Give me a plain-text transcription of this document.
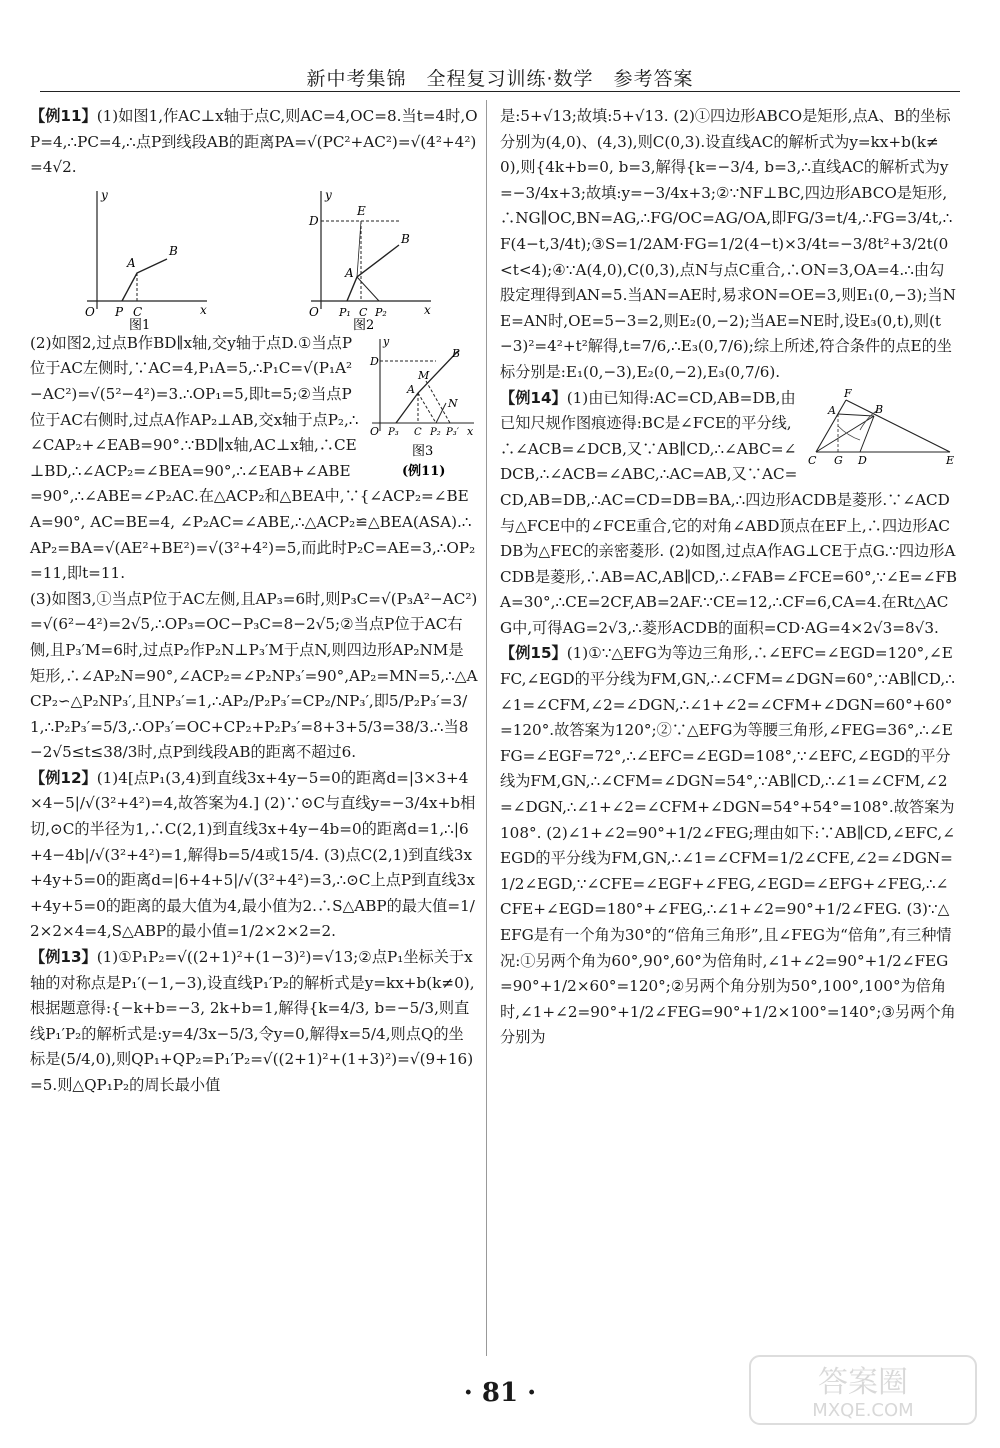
新中考集锦　全程复习训练·数学　参考答案

【例11】(1)如图1,作AC⊥x轴于点C,则AC=4,OC=8.当t=4时,OP=4,∴PC=4,∴点P到线段AB的距离PA=√(PC²+AC²)=√(4²+4²)=4√2.

y
x
O P C
A
B
图1
y
x
O
D
E
A
B
P₁ C P₂
图2
y
x
O
D
M
A
B
N
P₃ C P₂ P₃′
图3
(例11)

(2)如图2,过点B作BD∥x轴,交y轴于点D.①当点P位于AC左侧时,∵AC=4,P₁A=5,∴P₁C=√(P₁A²−AC²)=√(5²−4²)=3.∴OP₁=5,即t=5;②当点P位于AC右侧时,过点A作AP₂⊥AB,交x轴于点P₂,∴∠CAP₂+∠EAB=90°.∵BD∥x轴,AC⊥x轴,∴CE⊥BD,∴∠ACP₂=∠BEA=90°,∴∠EAB+∠ABE=90°,∴∠ABE=∠P₂AC.在△ACP₂和△BEA中,∵{∠ACP₂=∠BEA=90°, AC=BE=4, ∠P₂AC=∠ABE,∴△ACP₂≌△BEA(ASA).∴AP₂=BA=√(AE²+BE²)=√(3²+4²)=5,而此时P₂C=AE=3,∴OP₂=11,即t=11.

(3)如图3,①当点P位于AC左侧,且AP₃=6时,则P₃C=√(P₃A²−AC²)=√(6²−4²)=2√5,∴OP₃=OC−P₃C=8−2√5;②当点P位于AC右侧,且P₃′M=6时,过点P₂作P₂N⊥P₃′M于点N,则四边形AP₂NM是矩形,∴∠AP₂N=90°,∠ACP₂=∠P₂NP₃′=90°,AP₂=MN=5,∴△ACP₂∽△P₂NP₃′,且NP₃′=1,∴AP₂/P₂P₃′=CP₂/NP₃′,即5/P₂P₃′=3/1,∴P₂P₃′=5/3,∴OP₃′=OC+CP₂+P₂P₃′=8+3+5/3=38/3.∴当8−2√5≤t≤38/3时,点P到线段AB的距离不超过6.

【例12】(1)4[点P₁(3,4)到直线3x+4y−5=0的距离d=|3×3+4×4−5|/√(3²+4²)=4,故答案为4.] (2)∵⊙C与直线y=−3/4x+b相切,⊙C的半径为1,∴C(2,1)到直线3x+4y−4b=0的距离d=1,∴|6+4−4b|/√(3²+4²)=1,解得b=5/4或15/4. (3)点C(2,1)到直线3x+4y+5=0的距离d=|6+4+5|/√(3²+4²)=3,∴⊙C上点P到直线3x+4y+5=0的距离的最大值为4,最小值为2.∴S△ABP的最大值=1/2×2×4=4,S△ABP的最小值=1/2×2×2=2.

【例13】(1)①P₁P₂=√((2+1)²+(1−3)²)=√13;②点P₁坐标关于x轴的对称点是P₁′(−1,−3),设直线P₁′P₂的解析式是y=kx+b(k≠0),根据题意得:{−k+b=−3, 2k+b=1,解得{k=4/3, b=−5/3,则直线P₁′P₂的解析式是:y=4/3x−5/3,令y=0,解得x=5/4,则点Q的坐标是(5/4,0),则QP₁+QP₂=P₁′P₂=√((2+1)²+(1+3)²)=√(9+16)=5.则△QP₁P₂的周长最小值

是:5+√13;故填:5+√13. (2)①四边形ABCO是矩形,点A、B的坐标分别为(4,0)、(4,3),则C(0,3).设直线AC的解析式为y=kx+b(k≠0),则{4k+b=0, b=3,解得{k=−3/4, b=3,∴直线AC的解析式为y=−3/4x+3;故填:y=−3/4x+3;②∵NF⊥BC,四边形ABCO是矩形,∴NG∥OC,BN=AG,∴FG/OC=AG/OA,即FG/3=t/4,∴FG=3/4t,∴F(4−t,3/4t);③S=1/2AM·FG=1/2(4−t)×3/4t=−3/8t²+3/2t(0<t<4);④∵A(4,0),C(0,3),点N与点C重合,∴ON=3,OA=4.∴由勾股定理得到AN=5.当AN=AE时,易求ON=OE=3,则E₁(0,−3);当NE=AN时,OE=5−3=2,则E₂(0,−2);当AE=NE时,设E₃(0,t),则(t−3)²=4²+t²解得,t=7/6,∴E₃(0,7/6);综上所述,符合条件的点E的坐标分别是:E₁(0,−3),E₂(0,−2),E₃(0,7/6).

F
A	B
C G D	E

【例14】(1)由已知得:AC=CD,AB=DB,由已知尺规作图痕迹得:BC是∠FCE的平分线,∴∠ACB=∠DCB,又∵AB∥CD,∴∠ABC=∠DCB,∴∠ACB=∠ABC,∴AC=AB,又∵AC=CD,AB=DB,∴AC=CD=DB=BA,∴四边形ACDB是菱形.∵∠ACD与△FCE中的∠FCE重合,它的对角∠ABD顶点在EF上,∴四边形ACDB为△FEC的亲密菱形. (2)如图,过点A作AG⊥CE于点G.∵四边形ACDB是菱形,∴AB=AC,AB∥CD,∴∠FAB=∠FCE=60°,∵∠E=∠FBA=30°,∴CE=2CF,AB=2AF.∵CE=12,∴CF=6,CA=4.在Rt△ACG中,可得AG=2√3,∴菱形ACDB的面积=CD·AG=4×2√3=8√3.

【例15】(1)①∵△EFG为等边三角形,∴∠EFC=∠EGD=120°,∠EFC,∠EGD的平分线为FM,GN,∴∠CFM=∠DGN=60°,∵AB∥CD,∴∠1=∠CFM,∠2=∠DGN,∴∠1+∠2=∠CFM+∠DGN=60°+60°=120°.故答案为120°;②∵△EFG为等腰三角形,∠FEG=36°,∴∠EFG=∠EGF=72°,∴∠EFC=∠EGD=108°,∵∠EFC,∠EGD的平分线为FM,GN,∴∠CFM=∠DGN=54°,∵AB∥CD,∴∠1=∠CFM,∠2=∠DGN,∴∠1+∠2=∠CFM+∠DGN=54°+54°=108°.故答案为108°. (2)∠1+∠2=90°+1/2∠FEG;理由如下:∵AB∥CD,∠EFC,∠EGD的平分线为FM,GN,∴∠1=∠CFM=1/2∠CFE,∠2=∠DGN=1/2∠EGD,∵∠CFE=∠EGF+∠FEG,∠EGD=∠EFG+∠FEG,∴∠CFE+∠EGD=180°+∠FEG,∴∠1+∠2=90°+1/2∠FEG. (3)∵△EFG是有一个角为30°的“倍角三角形”,且∠FEG为“倍角”,有三种情况:①另两个角为60°,90°,60°为倍角时,∠1+∠2=90°+1/2∠FEG=90°+1/2×60°=120°;②另两个角分别为50°,100°,100°为倍角时,∠1+∠2=90°+1/2∠FEG=90°+1/2×100°=140°;③另两个角分别为

· 81 ·	答案圈
MXQE.COM
